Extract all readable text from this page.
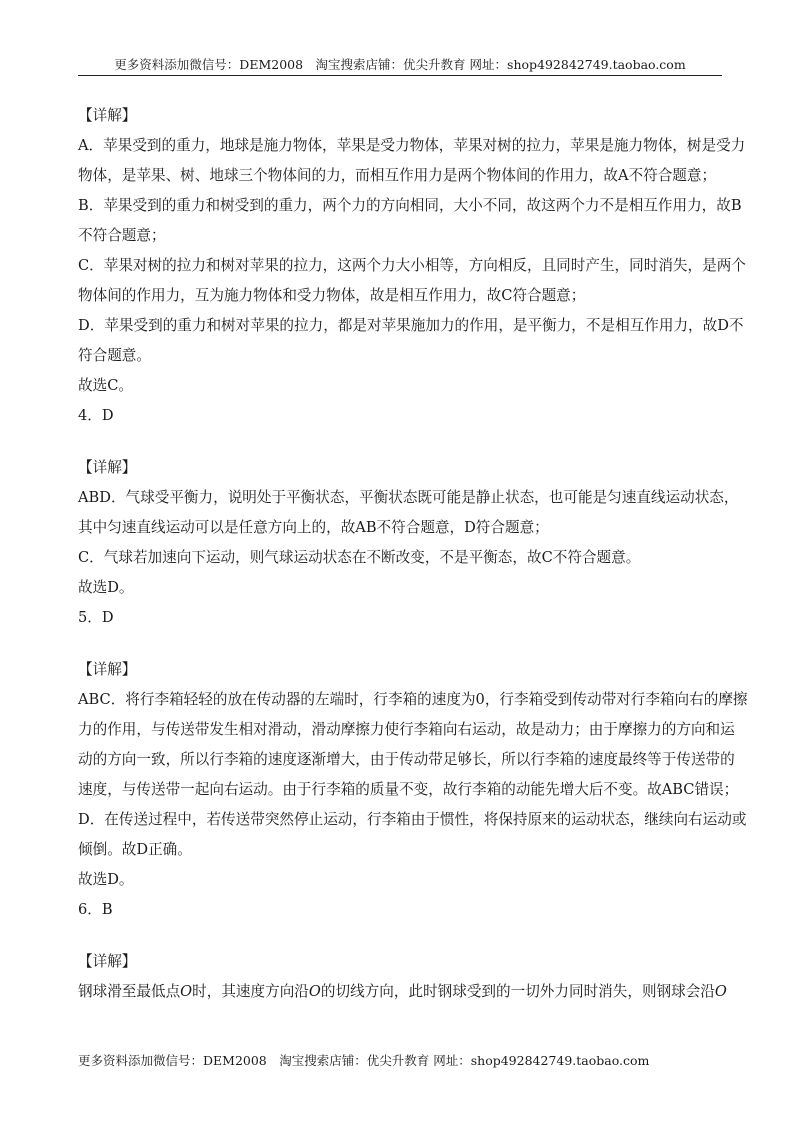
更多资料添加微信号：DEM2008　淘宝搜索店铺：优尖升教育 网址：shop492842749.taobao.com
【详解】
A．苹果受到的重力，地球是施力物体，苹果是受力物体，苹果对树的拉力，苹果是施力物体，树是受力
物体，是苹果、树、地球三个物体间的力，而相互作用力是两个物体间的作用力，故A不符合题意；
B．苹果受到的重力和树受到的重力，两个力的方向相同，大小不同，故这两个力不是相互作用力，故B
不符合题意；
C．苹果对树的拉力和树对苹果的拉力，这两个力大小相等，方向相反，且同时产生，同时消失，是两个
物体间的作用力，互为施力物体和受力物体，故是相互作用力，故C符合题意；
D．苹果受到的重力和树对苹果的拉力，都是对苹果施加力的作用，是平衡力，不是相互作用力，故D不
符合题意。
故选C。
4．D
【详解】
ABD．气球受平衡力，说明处于平衡状态，平衡状态既可能是静止状态，也可能是匀速直线运动状态，
其中匀速直线运动可以是任意方向上的，故AB不符合题意，D符合题意；
C．气球若加速向下运动，则气球运动状态在不断改变，不是平衡态，故C不符合题意。
故选D。
5．D
【详解】
ABC．将行李箱轻轻的放在传动器的左端时，行李箱的速度为0，行李箱受到传动带对行李箱向右的摩擦
力的作用，与传送带发生相对滑动，滑动摩擦力使行李箱向右运动，故是动力；由于摩擦力的方向和运
动的方向一致，所以行李箱的速度逐渐增大，由于传动带足够长，所以行李箱的速度最终等于传送带的
速度，与传送带一起向右运动。由于行李箱的质量不变，故行李箱的动能先增大后不变。故ABC错误；
D．在传送过程中，若传送带突然停止运动，行李箱由于惯性，将保持原来的运动状态，继续向右运动或
倾倒。故D正确。
故选D。
6．B
【详解】
钢球滑至最低点O时，其速度方向沿O的切线方向，此时钢球受到的一切外力同时消失，则钢球会沿O
更多资料添加微信号：DEM2008　淘宝搜索店铺：优尖升教育 网址：shop492842749.taobao.com
